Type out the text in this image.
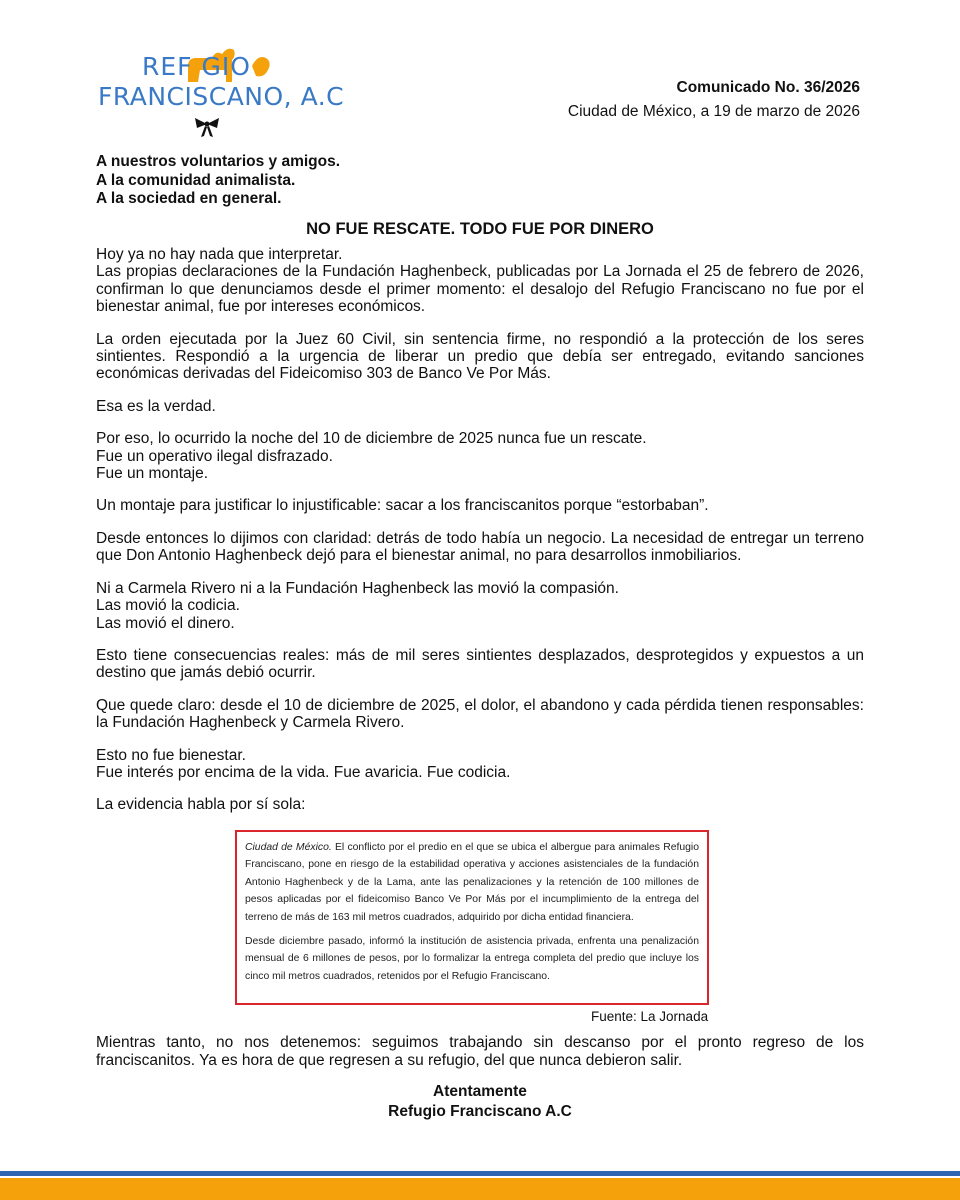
REF GIO
FRANCISCANO, A.C	Comunicado No. 36/2026
Ciudad de México, a 19 de marzo de 2026
A nuestros voluntarios y amigos.
A la comunidad animalista.
A la sociedad en general.
NO FUE RESCATE. TODO FUE POR DINERO

Hoy ya no hay nada que interpretar.
Las propias declaraciones de la Fundación Haghenbeck, publicadas por La Jornada el 25 de febrero de 2026, confirman lo que denunciamos desde el primer momento: el desalojo del Refugio Franciscano no fue por el bienestar animal, fue por intereses económicos.

La orden ejecutada por la Juez 60 Civil, sin sentencia firme, no respondió a la protección de los seres sintientes. Respondió a la urgencia de liberar un predio que debía ser entregado, evitando sanciones económicas derivadas del Fideicomiso 303 de Banco Ve Por Más.

Esa es la verdad.

Por eso, lo ocurrido la noche del 10 de diciembre de 2025 nunca fue un rescate.
Fue un operativo ilegal disfrazado.
Fue un montaje.

Un montaje para justificar lo injustificable: sacar a los franciscanitos porque “estorbaban”.

Desde entonces lo dijimos con claridad: detrás de todo había un negocio. La necesidad de entregar un terreno que Don Antonio Haghenbeck dejó para el bienestar animal, no para desarrollos inmobiliarios.

Ni a Carmela Rivero ni a la Fundación Haghenbeck las movió la compasión.
Las movió la codicia.
Las movió el dinero.

Esto tiene consecuencias reales: más de mil seres sintientes desplazados, desprotegidos y expuestos a un destino que jamás debió ocurrir.

Que quede claro: desde el 10 de diciembre de 2025, el dolor, el abandono y cada pérdida tienen responsables: la Fundación Haghenbeck y Carmela Rivero.

Esto no fue bienestar.
Fue interés por encima de la vida. Fue avaricia. Fue codicia.

La evidencia habla por sí sola:

Ciudad de México. El conflicto por el predio en el que se ubica el albergue para animales Refugio Franciscano, pone en riesgo de la estabilidad operativa y acciones asistenciales de la fundación Antonio Haghenbeck y de la Lama, ante las penalizaciones y la retención de 100 millones de pesos aplicadas por el fideicomiso Banco Ve Por Más por el incumplimiento de la entrega del terreno de más de 163 mil metros cuadrados, adquirido por dicha entidad financiera.

Desde diciembre pasado, informó la institución de asistencia privada, enfrenta una penalización mensual de 6 millones de pesos, por lo formalizar la entrega completa del predio que incluye los cinco mil metros cuadrados, retenidos por el Refugio Franciscano.

Fuente: La Jornada
Mientras tanto, no nos detenemos: seguimos trabajando sin descanso por el pronto regreso de los franciscanitos. Ya es hora de que regresen a su refugio, del que nunca debieron salir.
Atentamente
Refugio Franciscano A.C
